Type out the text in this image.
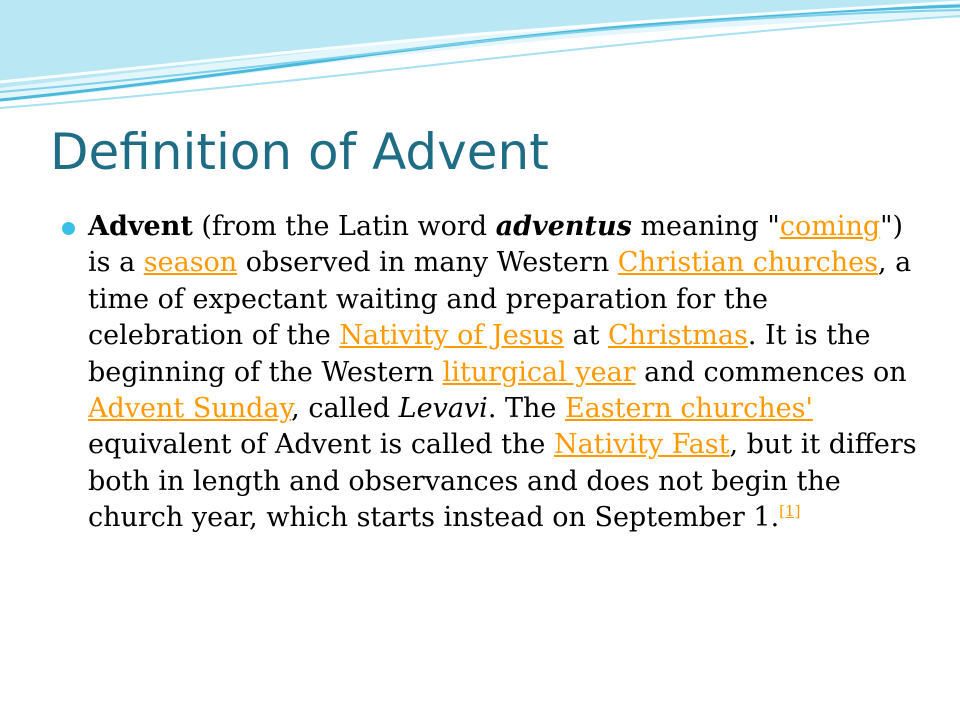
Definition of Advent

Advent (from the Latin word adventus meaning "coming") is a season observed in many Western Christian churches, a time of expectant waiting and preparation for the celebration of the Nativity of Jesus at Christmas. It is the beginning of the Western liturgical year and commences on Advent Sunday, called Levavi. The Eastern churches' equivalent of Advent is called the Nativity Fast, but it differs both in length and observances and does not begin the church year, which starts instead on September 1.[1]
